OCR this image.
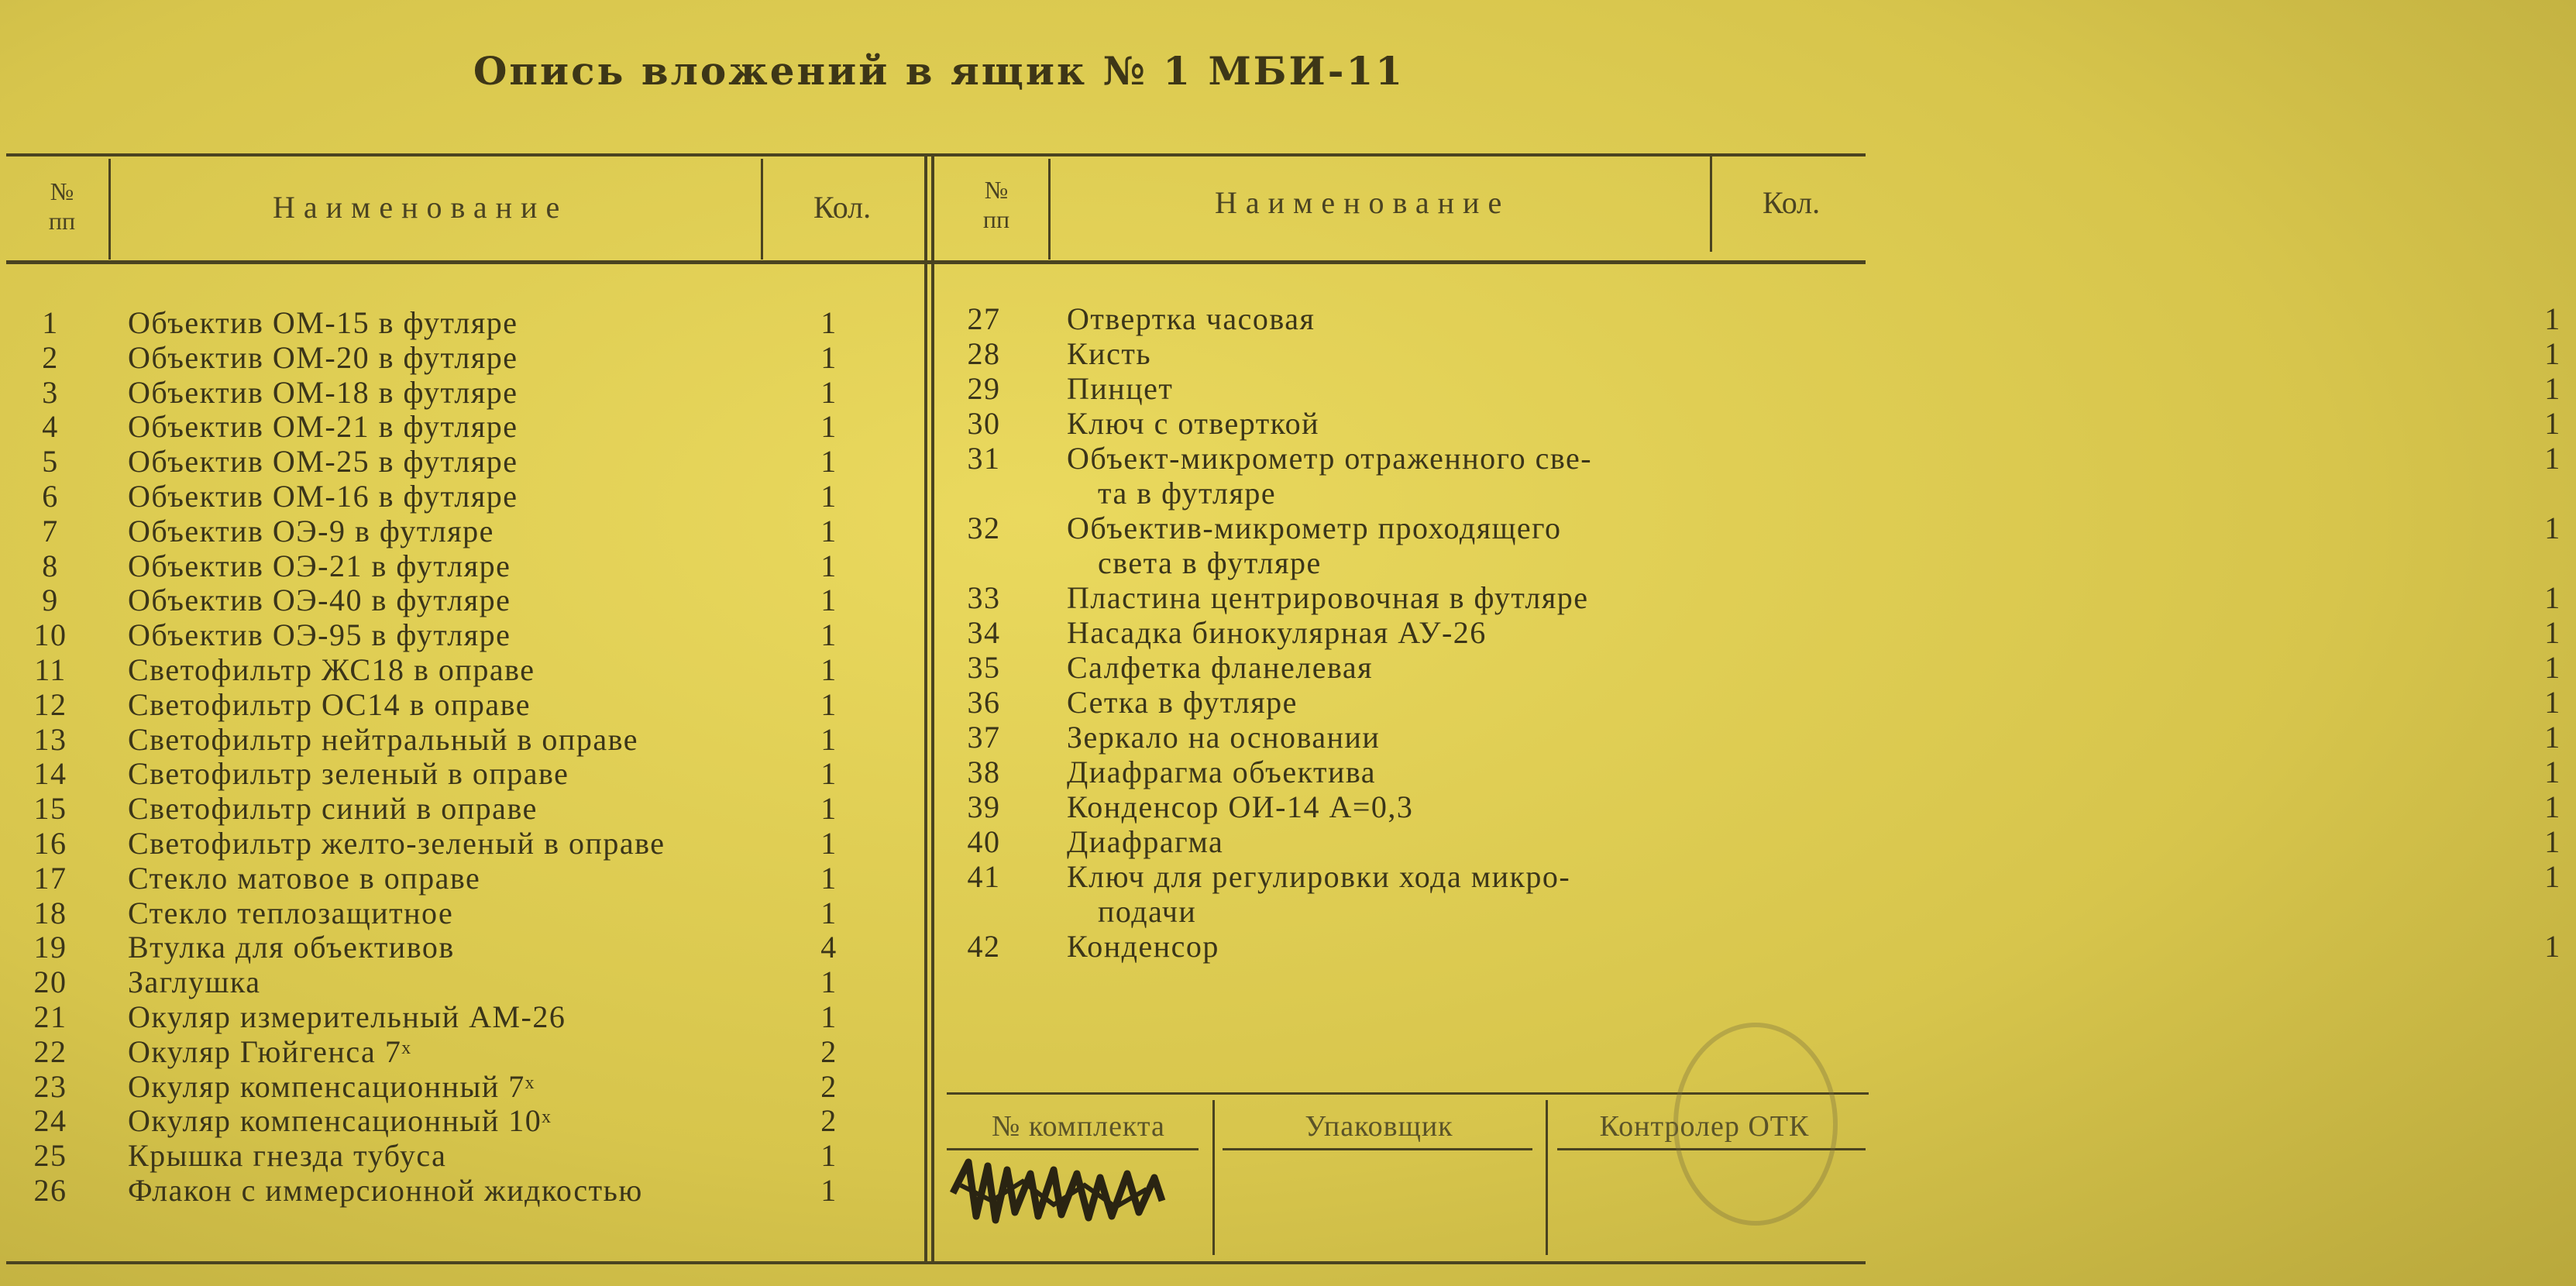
Опись вложений в ящик № 1 МБИ-11
№
пп	Наименование	Кол.	№
пп	Наименование	Кол.
1	Объектив ОМ-15 в футляре	1
2	Объектив ОМ-20 в футляре	1
3	Объектив ОМ-18 в футляре	1
4	Объектив ОМ-21 в футляре	1
5	Объектив ОМ-25 в футляре	1
6	Объектив ОМ-16 в футляре	1
7	Объектив ОЭ-9 в футляре	1
8	Объектив ОЭ-21 в футляре	1
9	Объектив ОЭ-40 в футляре	1
10	Объектив ОЭ-95 в футляре	1
11	Светофильтр ЖС18 в оправе	1
12	Светофильтр ОС14 в оправе	1
13	Светофильтр нейтральный в оправе	1
14	Светофильтр зеленый в оправе	1
15	Светофильтр синий в оправе	1
16	Светофильтр желто-зеленый в оправе	1
17	Стекло матовое в оправе	1
18	Стекло теплозащитное	1
19	Втулка для объективов	4
20	Заглушка	1
21	Окуляр измерительный АМ-26	1
22	Окуляр Гюйгенса 7ˣ	2
23	Окуляр компенсационный 7ˣ	2
24	Окуляр компенсационный 10ˣ	2
25	Крышка гнезда тубуса	1
26	Флакон с иммерсионной жидкостью	1
27	Отвертка часовая	1
28	Кисть	1
29	Пинцет	1
30	Ключ с отверткой	1
31	Объект-микрометр отраженного све-	1
та в футляре
32	Объектив-микрометр проходящего	1
света в футляре
33	Пластина центрировочная в футляре	1
34	Насадка бинокулярная АУ-26	1
35	Салфетка фланелевая	1
36	Сетка в футляре	1
37	Зеркало на основании	1
38	Диафрагма объектива	1
39	Конденсор ОИ-14 А=0,3	1
40	Диафрагма	1
41	Ключ для регулировки хода микро-	1
подачи
42	Конденсор	1
№ комплекта	Упаковщик	Контролер ОТК
